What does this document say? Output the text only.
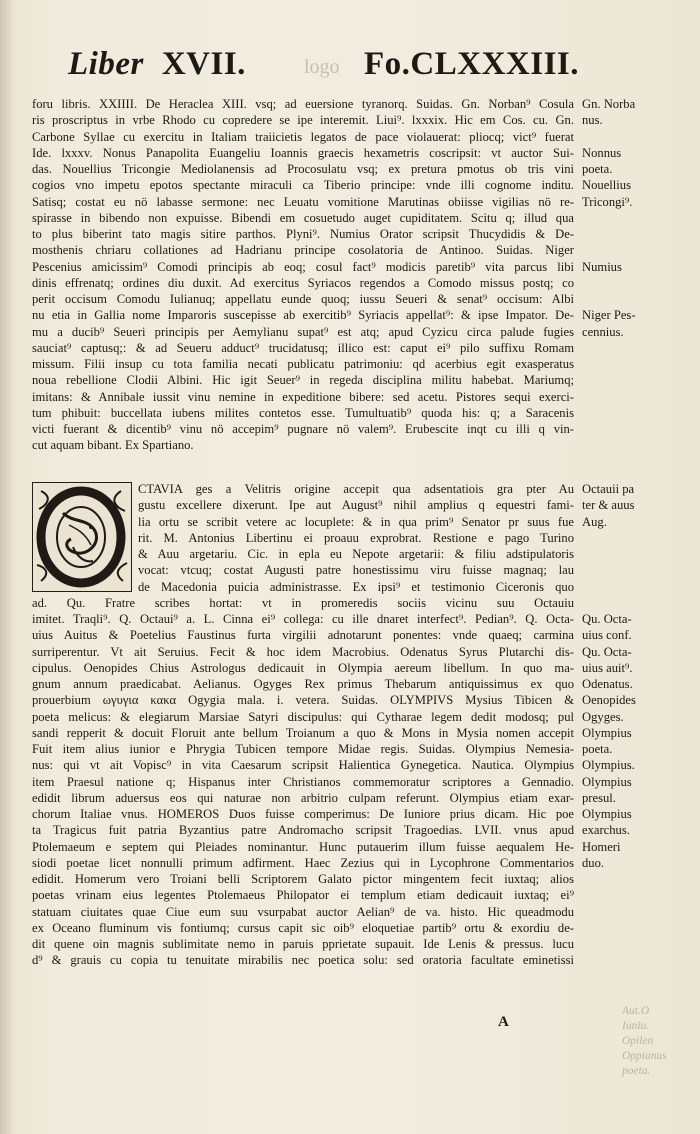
Liber XVII.	logo Fo.CLXXXIII.
foru libris. XXIIII. De Heraclea XIII. vsq; ad euersione tyranorq. Suidas. Gn. Norban⁹ Cosula
ris proscriptus in vrbe Rhodo cu copredere se ipe interemit. Liui⁹. lxxxix. Hic em Cos. cu. Gn.
Carbone Syllae cu exercitu in Italiam traiicietis legatos de pace violauerat: pliocq; vict⁹ fuerat
Ide. lxxxv. Nonus Panapolita Euangeliu Ioannis graecis hexametris coscripsit: vt auctor Sui-
das. Nouellius Tricongie Mediolanensis ad Procosulatu vsq; ex pretura pmotus ob tris vini
cogios vno impetu epotos spectante miraculi ca Tiberio principe: vnde illi cognome inditu.
Satisq; costat eu nö labasse sermone: nec Leuatu vomitione Marutinas obiisse vigilias nö re-
spirasse in bibendo non expuisse. Bibendi em cosuetudo auget cupiditatem. Scitu q; illud qua
to plus biberint tato magis sitire parthos. Plyni⁹. Numius Orator scripsit Thucydidis & De-
mosthenis chriaru collationes ad Hadrianu principe cosolatoria de Antinoo. Suidas. Niger
Pescenius amicissim⁹ Comodi principis ab eoq; cosul fact⁹ modicis paretib⁹ vita parcus libi
dinis effrenatq; ordines diu duxit. Ad exercitus Syriacos regendos a Comodo missus postq; co
perit occisum Comodu Iulianuq; appellatu eunde quoq; iussu Seueri & senat⁹ occisum: Albi
nu etia in Gallia nome Imparoris suscepisse ab exercitib⁹ Syriacis appellat⁹: & ipse Impator. De-
mu a ducib⁹ Seueri principis per Aemylianu supat⁹ est atq; apud Cyzicu circa palude fugies
sauciat⁹ captusq;: & ad Seueru adduct⁹ trucidatusq; illico est: caput ei⁹ pilo suffixu Romam
missum. Filii insup cu tota familia necati publicatu patrimoniu: qd acerbius egit exasperatus
noua rebellione Clodii Albini. Hic igit Seuer⁹ in regeda disciplina militu habebat. Mariumq;
imitans: & Annibale iussit vinu nemine in expeditione bibere: sed acetu. Pistores sequi exerci-
tum phibuit: buccellata iubens milites contetos esse. Tumultuatib⁹ quoda his: q; a Saracenis
victi fuerant & dicentib⁹ vinu nö accepim⁹ pugnare nö valem⁹. Erubescite inqt cu illi q vin-
cut aquam bibant. Ex Spartiano.
CTAVIA ges a Velitris origine accepit qua adsentatiois gra pter Au
gustu excellere dixerunt. Ipe aut August⁹ nihil amplius q equestri fami-
lia ortu se scribit vetere ac locuplete: & in qua prim⁹ Senator pr suus fue
rit. M. Antonius Libertinu ei proauu exprobrat. Restione e pago Turino
& Auu argetariu. Cic. in epla eu Nepote argetarii: & filiu adstipulatoris
vocat: vtcuq; costat Augusti patre honestissimu viru fuisse magnaq; lau
de Macedonia puicia administrasse. Ex ipsi⁹ et testimonio Ciceronis quo
ad. Qu. Fratre scribes hortat: vt in promeredis sociis vicinu suu Octauiu
imitet. Traqli⁹. Q. Octaui⁹ a. L. Cinna ei⁹ collega: cu ille dnaret interfect⁹. Pedian⁹. Q. Octa-
uius Auitus & Poetelius Faustinus furta virgilii adnotarunt ponentes: vnde quaeq; carmina
surriperentur. Vt ait Seruius. Fecit & hoc idem Macrobius. Odenatus Syrus Plutarchi dis-
cipulus. Oenopides Chius Astrologus dedicauit in Olympia aereum libellum. In quo ma-
gnum annum praedicabat. Aelianus. Ogyges Rex primus Thebarum antiquissimus ex quo
prouerbium ωγυγια κακα Ogygia mala. i. vetera. Suidas. OLYMPIVS Mysius Tibicen &
poeta melicus: & elegiarum Marsiae Satyri discipulus: qui Cytharae legem dedit modosq; pul
sandi repperit & docuit Floruit ante bellum Troianum a quo & Mons in Mysia nomen accepit
Fuit item alius iunior e Phrygia Tubicen tempore Midae regis. Suidas. Olympius Nemesia-
nus: qui vt ait Vopisc⁹ in vita Caesarum scripsit Halientica Gynegetica. Nautica. Olympius
item Praesul natione q; Hispanus inter Christianos commemoratur scriptores a Gennadio.
edidit librum aduersus eos qui naturae non arbitrio culpam referunt. Olympius etiam exar-
chorum Italiae vnus. HOMEROS Duos fuisse comperimus: De Iuniore prius dicam. Hic poe
ta Tragicus fuit patria Byzantius patre Andromacho scripsit Tragoedias. LVII. vnus apud
Ptolemaeum e septem qui Pleiades nominantur. Hunc putauerim illum fuisse aequalem He-
siodi poetae licet nonnulli primum adfirment. Haec Zezius qui in Lycophrone Commentarios
edidit. Homerum vero Troiani belli Scriptorem Galato pictor mingentem fecit iuxtaq; alios
poetas vrinam eius legentes Ptolemaeus Philopator ei templum etiam dedicauit iuxtaq; ei⁹
statuam ciuitates quae Ciue eum suu vsurpabat auctor Aelian⁹ de va. histo. Hic queadmodu
ex Oceano fluminum vis fontiumq; cursus capit sic oib⁹ eloquetiae partib⁹ ortu & exordiu de-
dit quene oin magnis sublimitate nemo in paruis pprietate supauit. Ide Lenis & pressus. lucu
d⁹ & grauis cu copia tu tenuitate mirabilis nec poetica solu: sed oratoria facultate eminetissi
Gn. Norba
nus.
Nonnus
poeta.
Nouellius
Tricongi⁹.
Numius
Niger Pes-
cennius.
Octauii pa
ter & auus
Aug.
Qu. Octa-
uius conf.
Qu. Octa-
uius auit⁹.
Odenatus.
Oenopides
Ogyges.
Olympius
poeta.
Olympius.
Olympius
presul.
Olympius
exarchus.
Homeri
duo.
A
Aut.O
Iuniu.
Opilen
Oppianus
poeta.
